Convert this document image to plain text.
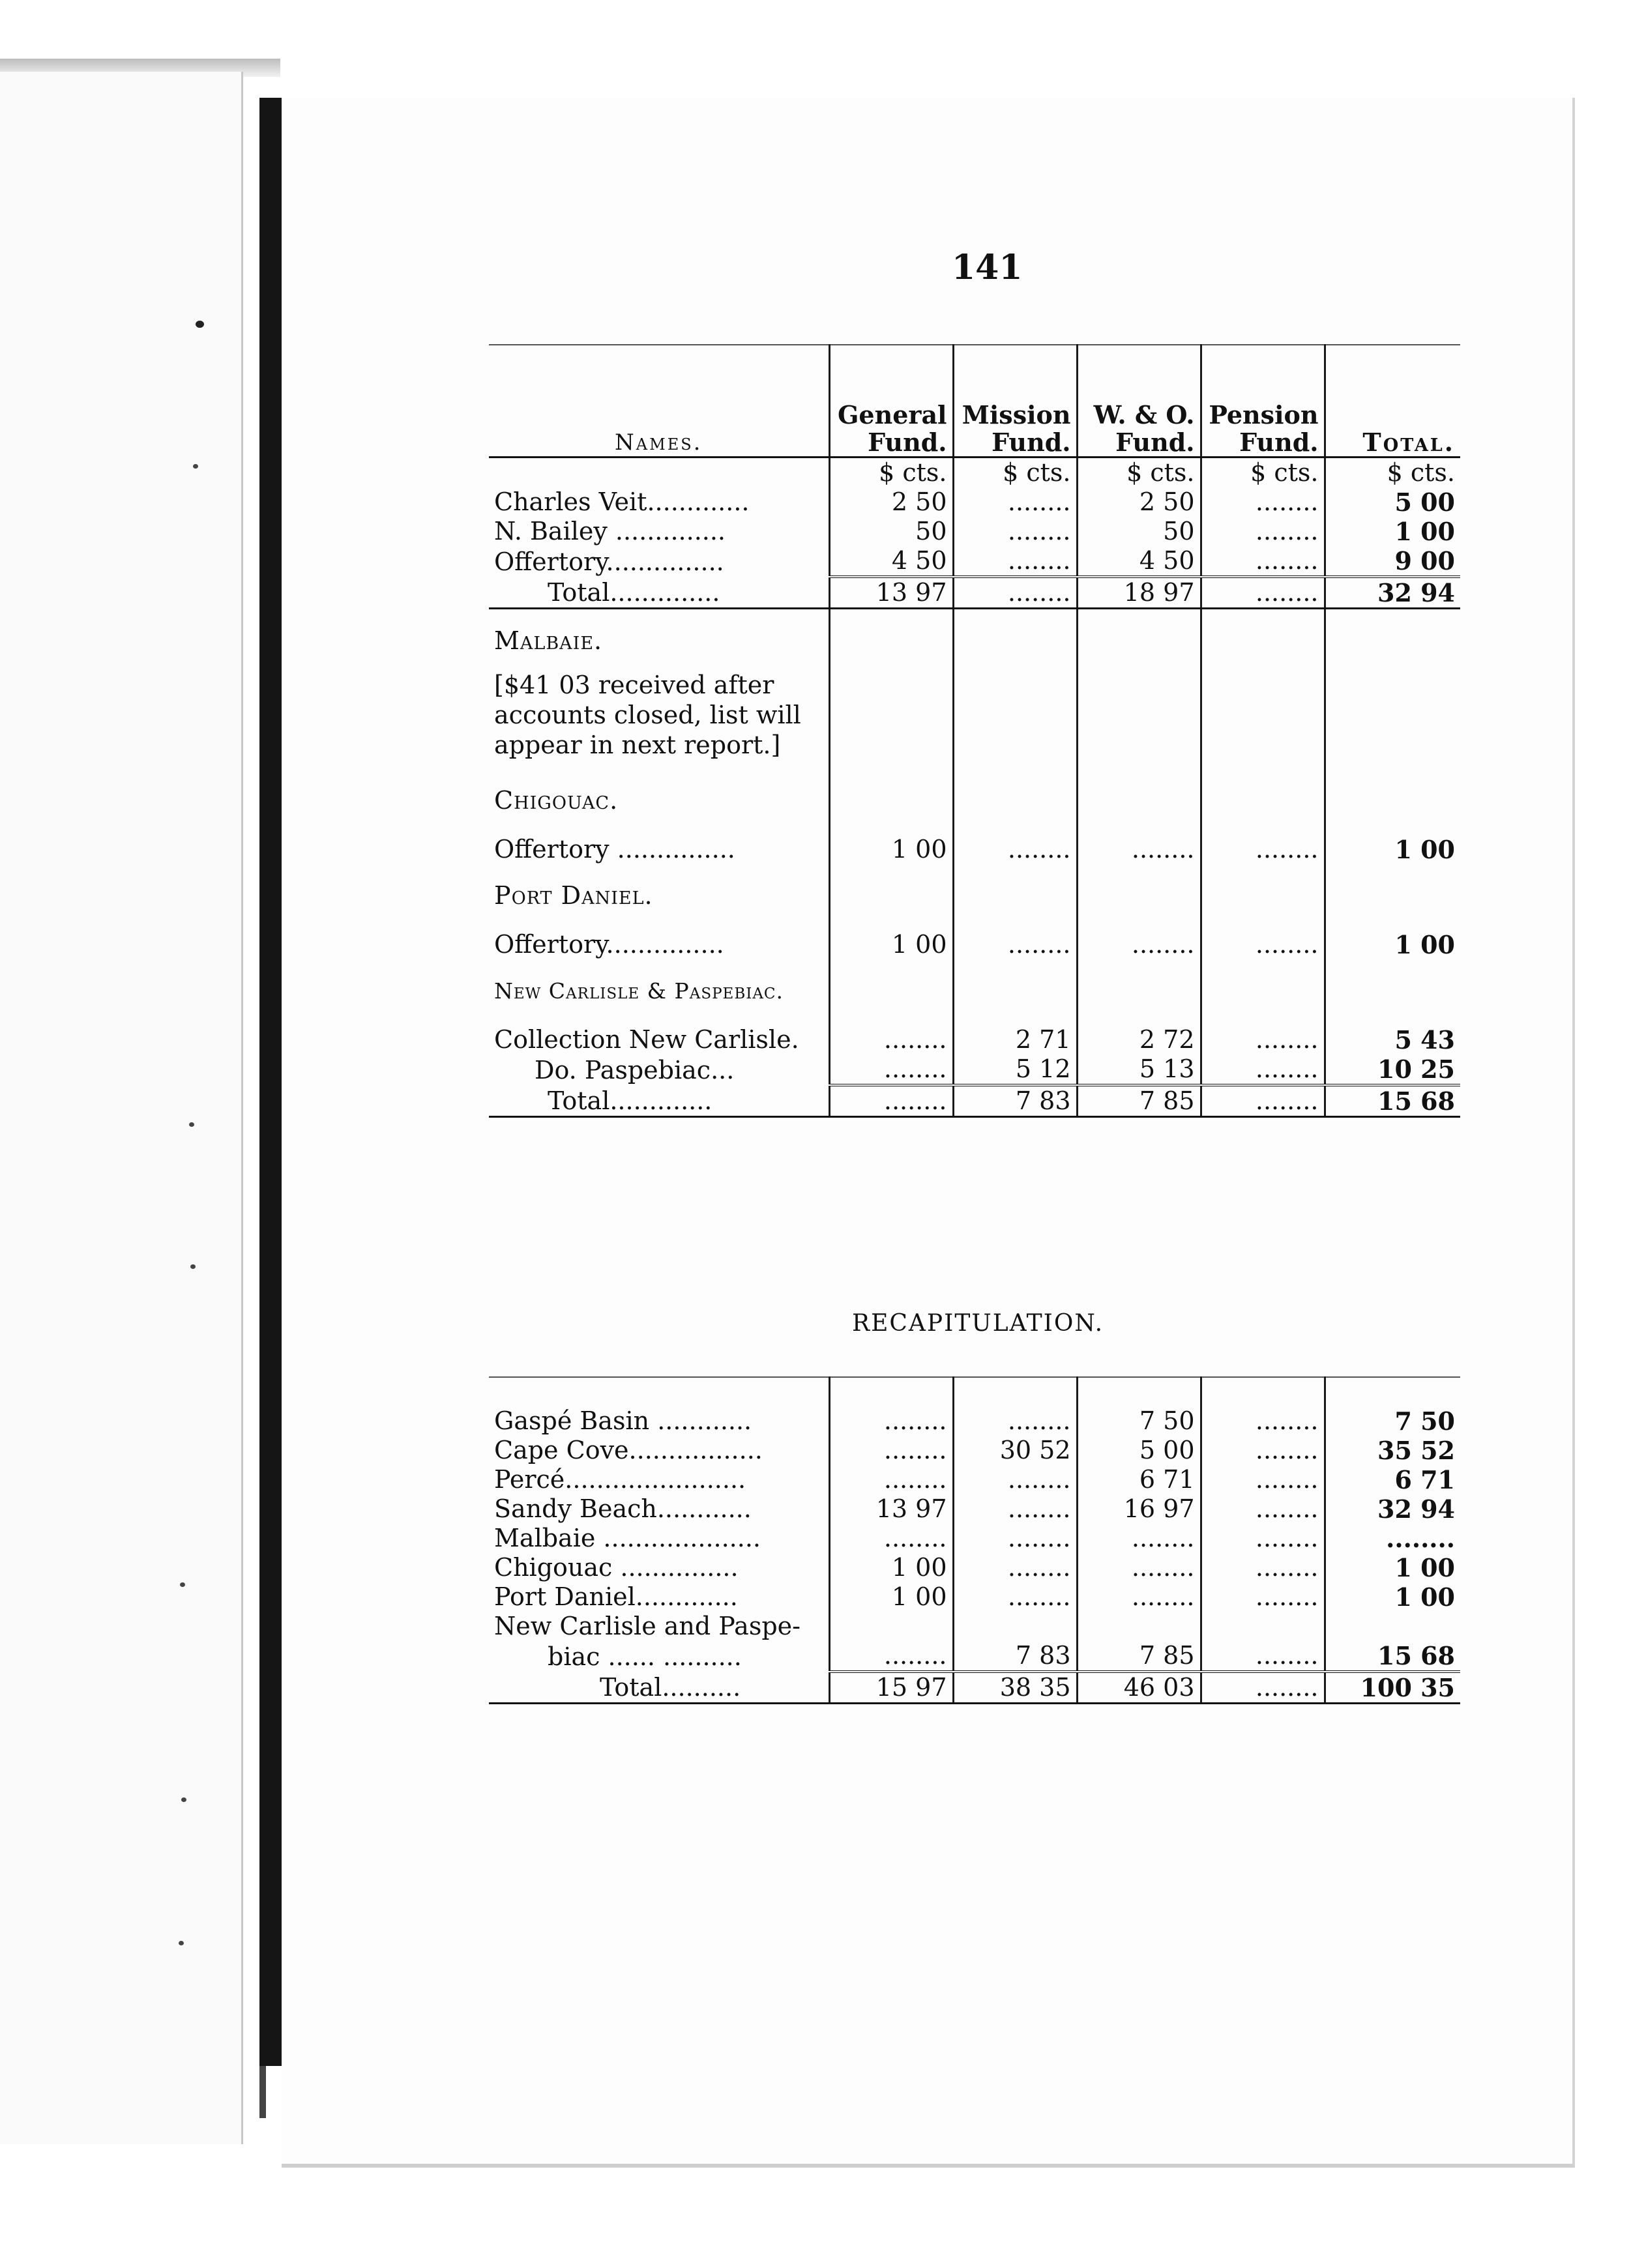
141
Names.	General Fund.	Mission Fund.	W. & O. Fund.	Pension Fund.	Total.
	$ cts.	$ cts.	$ cts.	$ cts.	$ cts.
Charles Veit.............	2 50	........	2 50	........	5 00
N. Bailey ..............	50	........	50	........	1 00
Offertory...............	4 50	........	4 50	........	9 00
Total..............	13 97	........	18 97	........	32 94
Malbaie.					
[$41 03 received after accounts closed, list will appear in next report.]					
Chigouac.					
Offertory ...............	1 00	........	........	........	1 00
Port Daniel.					
Offertory...............	1 00	........	........	........	1 00
New Carlisle & Paspebiac.					
Collection New Carlisle.	........	2 71	2 72	........	5 43
Do. Paspebiac...	........	5 12	5 13	........	10 25
Total.............	........	7 83	7 85	........	15 68
RECAPITULATION.

Gaspé Basin ............	........	........	7 50	........	7 50
Cape Cove.................	........	30 52	5 00	........	35 52
Percé.......................	........	........	6 71	........	6 71
Sandy Beach............	13 97	........	16 97	........	32 94
Malbaie ....................	........	........	........	........	........
Chigouac ...............	1 00	........	........	........	1 00
Port Daniel.............	1 00	........	........	........	1 00
New Carlisle and Paspe-					
biac ...... ..........	........	7 83	7 85	........	15 68
Total..........	15 97	38 35	46 03	........	100 35
